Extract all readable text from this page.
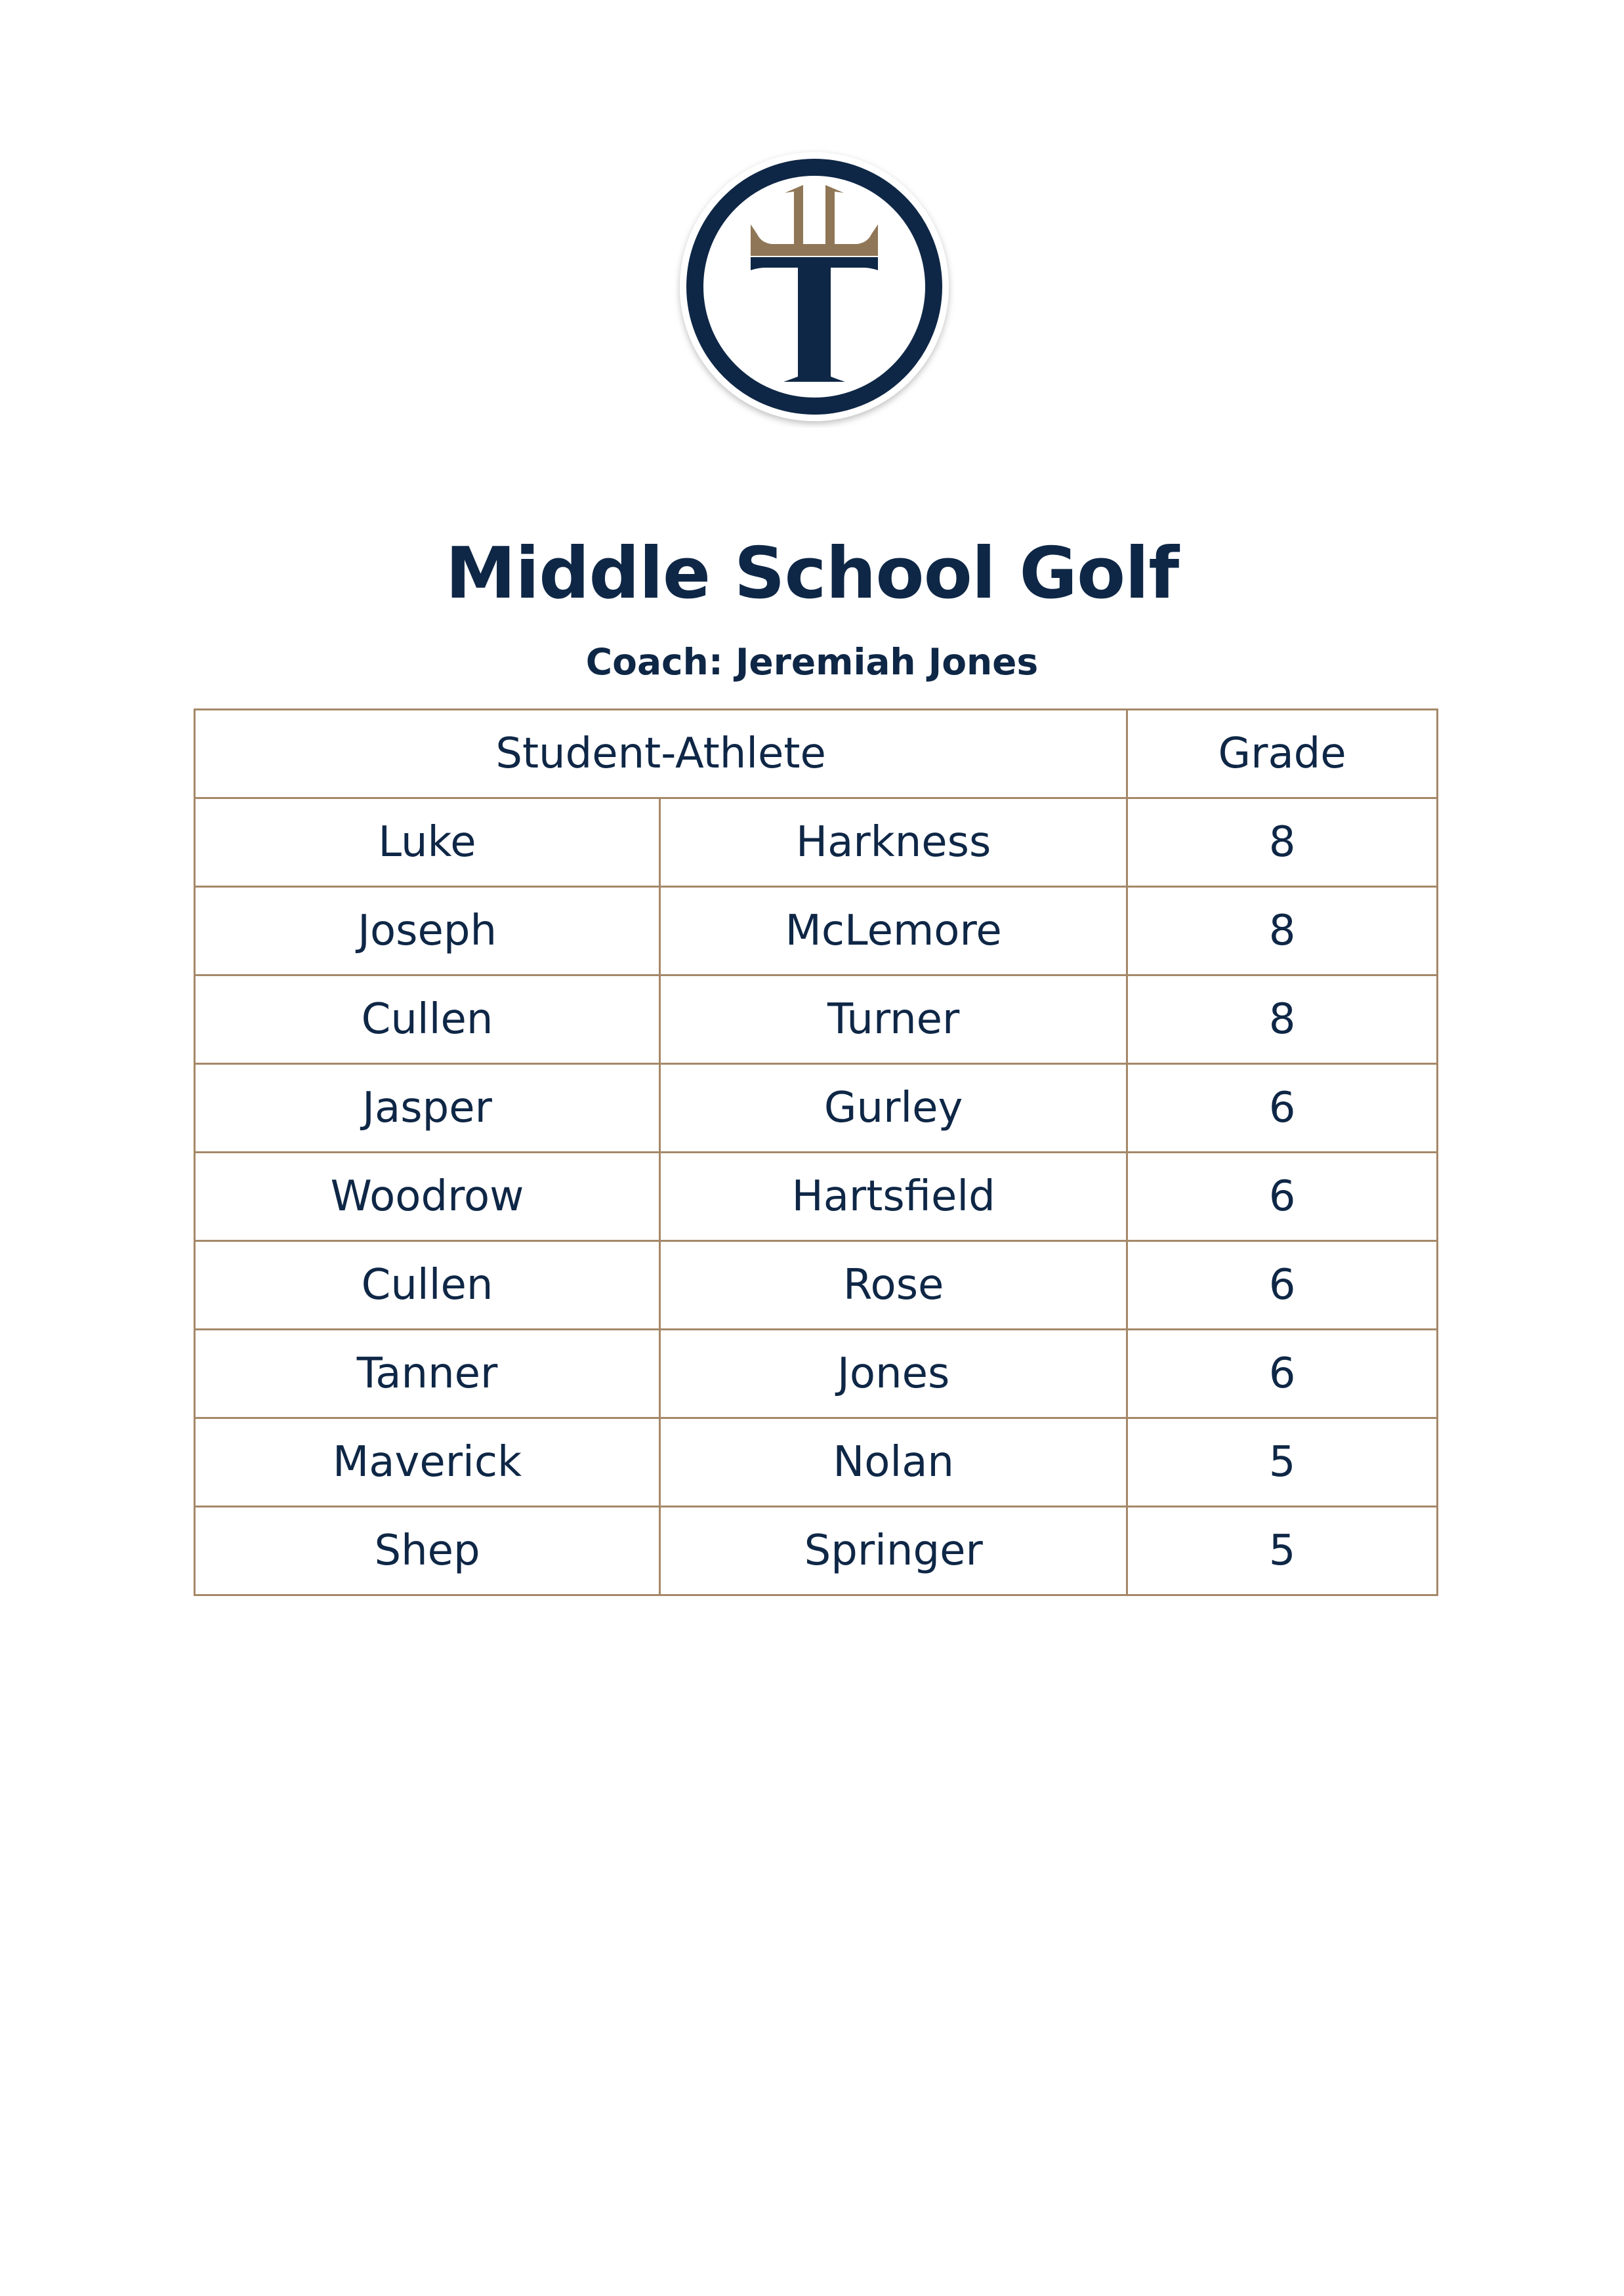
Middle School Golf
Coach: Jeremiah Jones
Student-Athlete		Grade
Luke	Harkness	8
Joseph	McLemore	8
Cullen	Turner	8
Jasper	Gurley	6
Woodrow	Hartsfield	6
Cullen	Rose	6
Tanner	Jones	6
Maverick	Nolan	5
Shep	Springer	5
